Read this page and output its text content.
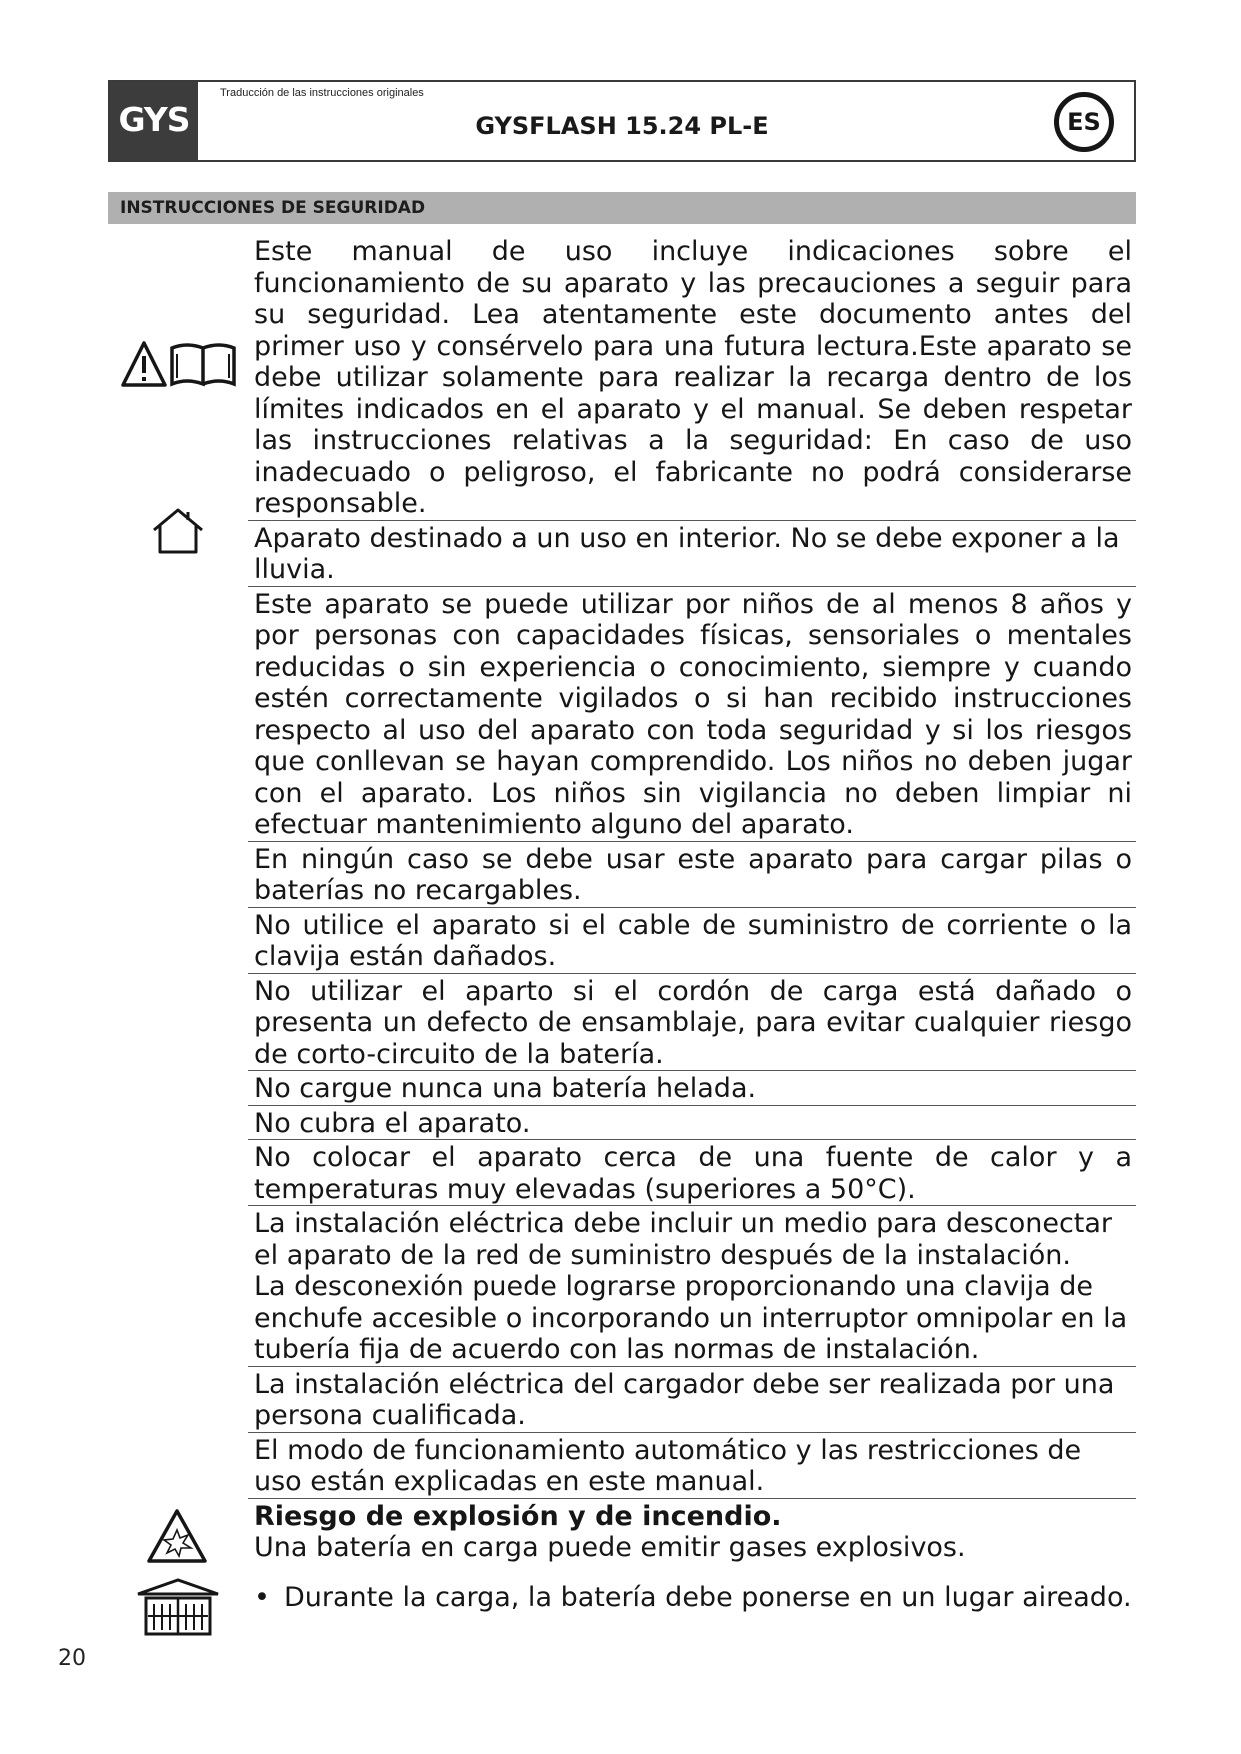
GYS
Traducción de las instrucciones originales
GYSFLASH 15.24 PL-E	ES
INSTRUCCIONES DE SEGURIDAD

Este manual de uso incluye indicaciones sobre el funcionamiento de su aparato y las precauciones a seguir para su seguridad. Lea atentamente este documento antes del primer uso y consérvelo para una futura lectura.Este aparato se debe utilizar solamente para realizar la recarga dentro de los límites indicados en el aparato y el manual. Se deben respetar las instrucciones relativas a la seguridad: En caso de uso inadecuado o peligroso, el fabricante no podrá considerarse responsable.

Aparato destinado a un uso en interior. No se debe exponer a la lluvia.

Este aparato se puede utilizar por niños de al menos 8 años y por personas con capacidades físicas, sensoriales o mentales reducidas o sin experiencia o conocimiento, siempre y cuando estén correctamente vigilados o si han recibido instrucciones respecto al uso del aparato con toda seguridad y si los riesgos que conllevan se hayan comprendido. Los niños no deben jugar con el aparato. Los niños sin vigilancia no deben limpiar ni efectuar mantenimiento alguno del aparato.

En ningún caso se debe usar este aparato para cargar pilas o baterías no recargables.

No utilice el aparato si el cable de suministro de corriente o la clavija están dañados.

No utilizar el aparto si el cordón de carga está dañado o presenta un defecto de ensamblaje, para evitar cualquier riesgo de corto-circuito de la batería.

No cargue nunca una batería helada.

No cubra el aparato.

No colocar el aparato cerca de una fuente de calor y a temperaturas muy elevadas (superiores a 50°C).

La instalación eléctrica debe incluir un medio para desconectar el aparato de la red de suministro después de la instalación.

La desconexión puede lograrse proporcionando una clavija de enchufe accesible o incorporando un interruptor omnipolar en la tubería fija de acuerdo con las normas de instalación.

La instalación eléctrica del cargador debe ser realizada por una persona cualificada.

El modo de funcionamiento automático y las restricciones de uso están explicadas en este manual.

Riesgo de explosión y de incendio.

Una batería en carga puede emitir gases explosivos.

• Durante la carga, la batería debe ponerse en un lugar aireado.
20
